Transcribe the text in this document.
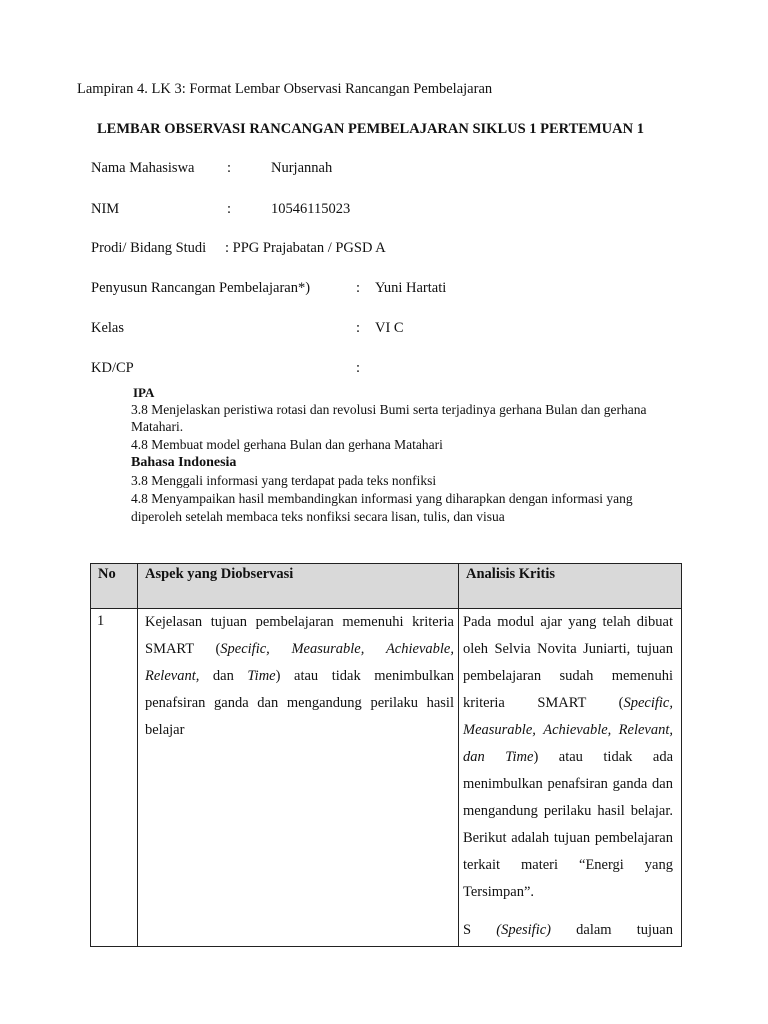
Lampiran 4. LK 3: Format Lembar Observasi Rancangan Pembelajaran
LEMBAR OBSERVASI RANCANGAN PEMBELAJARAN SIKLUS 1 PERTEMUAN 1
Nama Mahasiswa :	Nurjannah
NIM	:	10546115023
Prodi/ Bidang Studi : PPG Prajabatan / PGSD A
Penyusun Rancangan Pembelajaran*)	: Yuni Hartati
Kelas	: VI C
KD/CP	:
IPA
3.8 Menjelaskan peristiwa rotasi dan revolusi Bumi serta terjadinya gerhana Bulan dan gerhana
Matahari.
4.8 Membuat model gerhana Bulan dan gerhana Matahari
Bahasa Indonesia
3.8 Menggali informasi yang terdapat pada teks nonfiksi
4.8 Menyampaikan hasil membandingkan informasi yang diharapkan dengan informasi yang
diperoleh setelah membaca teks nonfiksi secara lisan, tulis, dan visua
No	Aspek yang Diobservasi	Analisis Kritis

1	Kejelasan tujuan pembelajaran memenuhi kriteria SMART (Specific, Measurable, Achievable, Relevant, dan Time) atau tidak menimbulkan penafsiran ganda dan mengandung perilaku hasil belajar	Pada modul ajar yang telah dibuat oleh Selvia Novita Juniarti, tujuan pembelajaran sudah memenuhi kriteria SMART (Specific, Measurable, Achievable, Relevant, dan Time) atau tidak ada menimbulkan penafsiran ganda dan mengandung perilaku hasil belajar. Berikut adalah tujuan pembelajaran terkait materi “Energi yang Tersimpan”.
S (Spesific) dalam tujuan
